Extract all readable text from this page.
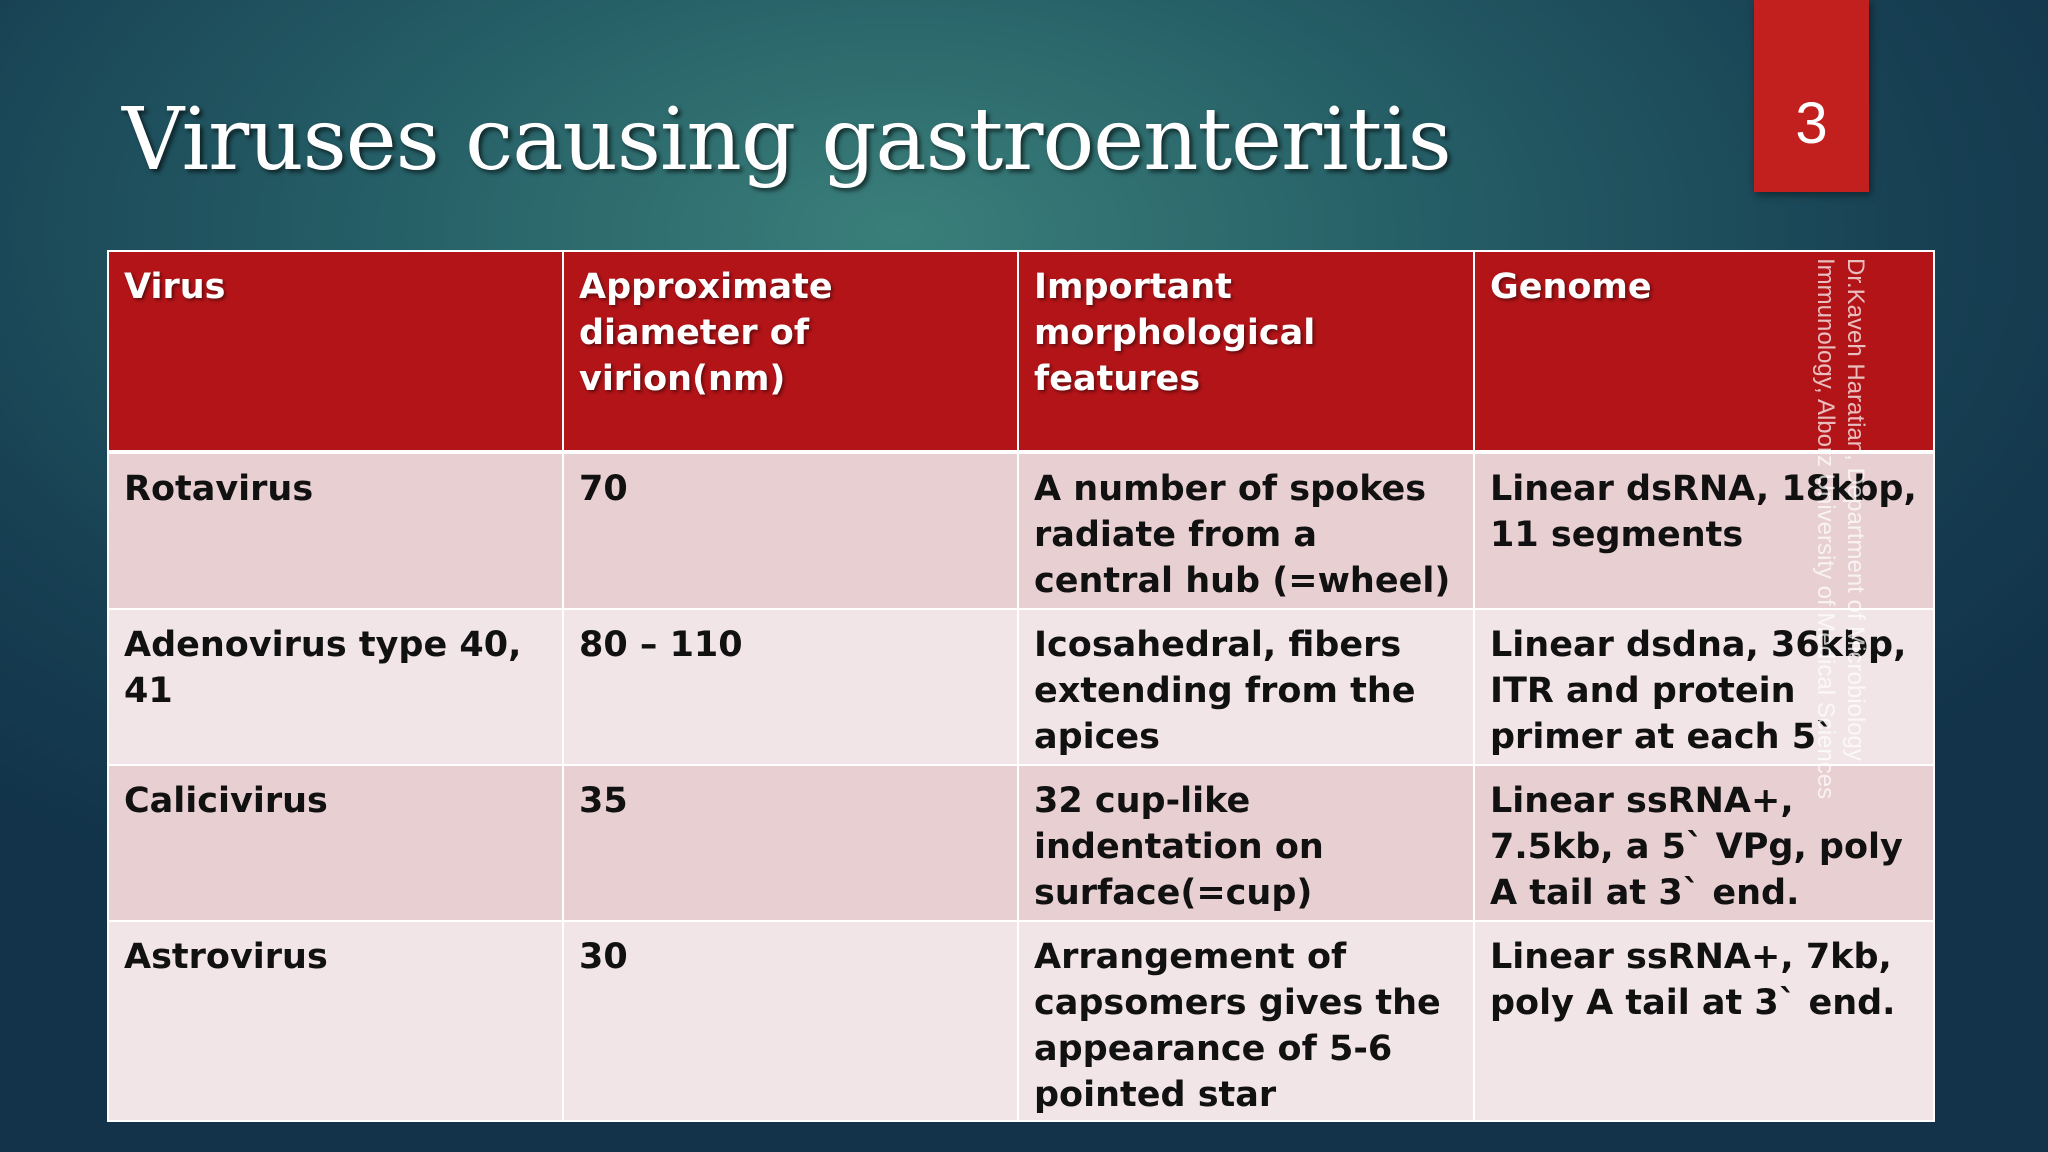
Viruses causing gastroenteritis	3
Virus	Approximate diameter of virion(nm)	Important morphological features	Genome
Rotavirus	70	A number of spokes radiate from a central hub (=wheel)	Linear dsRNA, 18kbp, 11 segments
Adenovirus type 40, 41	80 – 110	Icosahedral, fibers extending from the apices	Linear dsdna, 36kbp, ITR and protein primer at each 5`
Calicivirus	35	32 cup-like indentation on surface(=cup)	Linear ssRNA+, 7.5kb, a 5` VPg, poly A tail at 3` end.
Astrovirus	30	Arrangement of capsomers gives the appearance of 5-6 pointed star	Linear ssRNA+, 7kb, poly A tail at 3` end.
Dr.Kaveh Haratian, Department of Microbiology
Immunology, Alborz University of Medical Sciences
